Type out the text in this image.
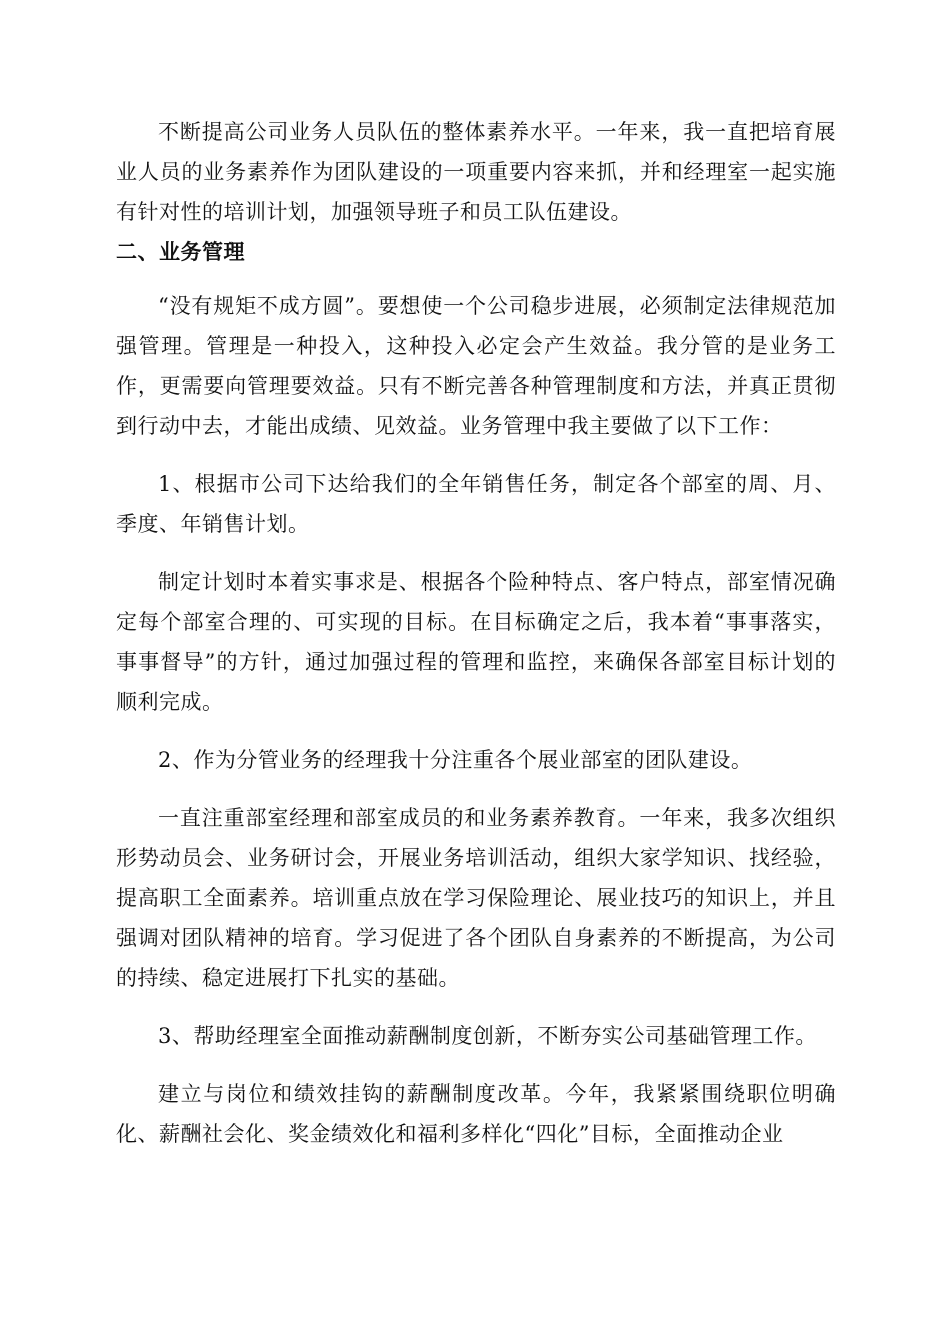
不断提高公司业务人员队伍的整体素养水平。一年来，我一直把培育展业人员的业务素养作为团队建设的一项重要内容来抓，并和经理室一起实施有针对性的培训计划，加强领导班子和员工队伍建设。

二、业务管理

“没有规矩不成方圆”。要想使一个公司稳步进展，必须制定法律规范加强管理。管理是一种投入，这种投入必定会产生效益。我分管的是业务工作，更需要向管理要效益。只有不断完善各种管理制度和方法，并真正贯彻到行动中去，才能出成绩、见效益。业务管理中我主要做了以下工作：

1、根据市公司下达给我们的全年销售任务，制定各个部室的周、月、季度、年销售计划。

制定计划时本着实事求是、根据各个险种特点、客户特点，部室情况确定每个部室合理的、可实现的目标。在目标确定之后，我本着“事事落实，事事督导”的方针，通过加强过程的管理和监控，来确保各部室目标计划的顺利完成。

2、作为分管业务的经理我十分注重各个展业部室的团队建设。

一直注重部室经理和部室成员的和业务素养教育。一年来，我多次组织形势动员会、业务研讨会，开展业务培训活动，组织大家学知识、找经验，提高职工全面素养。培训重点放在学习保险理论、展业技巧的知识上，并且强调对团队精神的培育。学习促进了各个团队自身素养的不断提高，为公司的持续、稳定进展打下扎实的基础。

3、帮助经理室全面推动薪酬制度创新，不断夯实公司基础管理工作。

建立与岗位和绩效挂钩的薪酬制度改革。今年，我紧紧围绕职位明确化、薪酬社会化、奖金绩效化和福利多样化“四化”目标，全面推动企业
